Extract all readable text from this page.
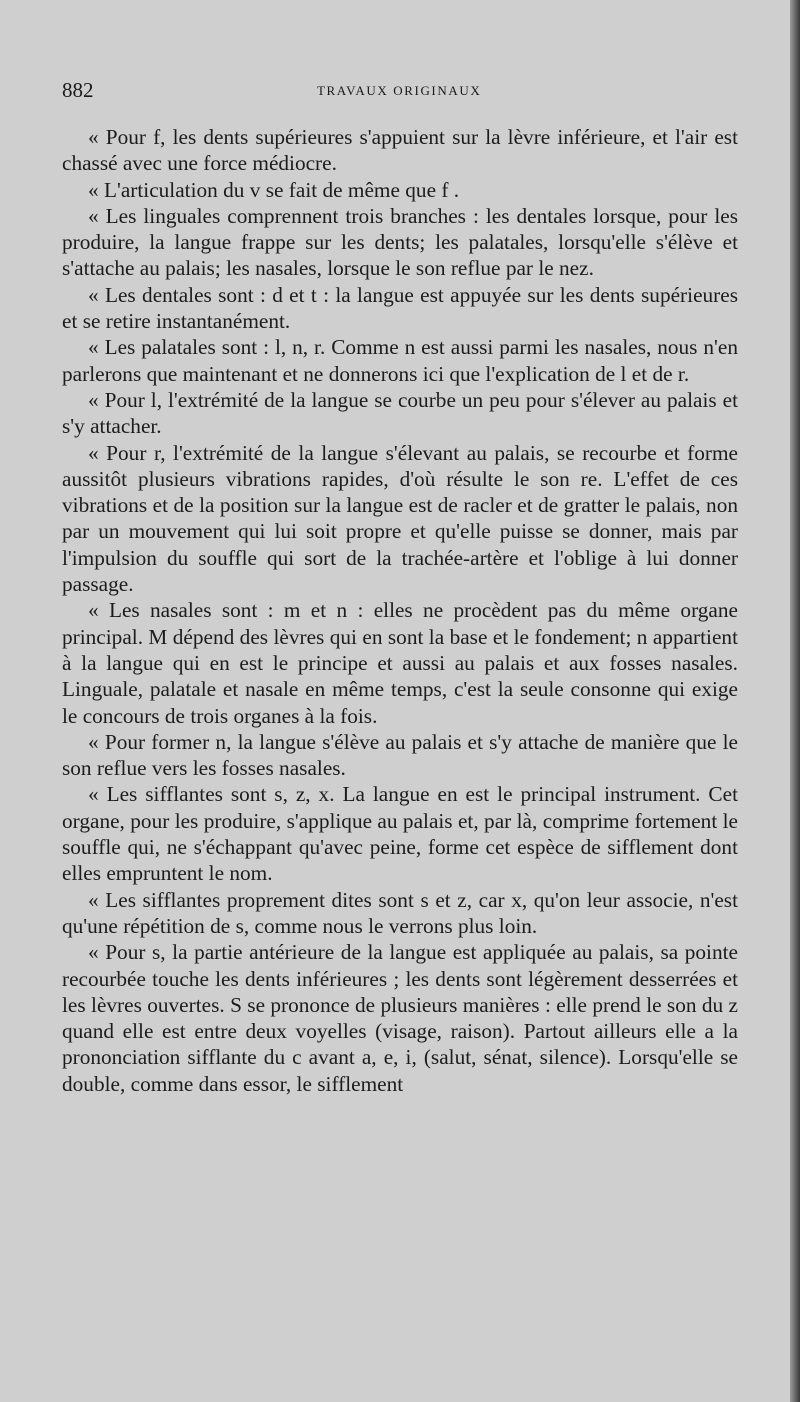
882	TRAVAUX ORIGINAUX

« Pour f, les dents supérieures s'appuient sur la lèvre inférieure, et l'air est chassé avec une force médiocre.

« L'articulation du v se fait de même que f .

« Les linguales comprennent trois branches : les dentales lorsque, pour les produire, la langue frappe sur les dents; les palatales, lorsqu'elle s'élève et s'attache au palais; les nasales, lorsque le son reflue par le nez.

« Les dentales sont : d et t : la langue est appuyée sur les dents supérieures et se retire instantanément.

« Les palatales sont : l, n, r. Comme n est aussi parmi les nasales, nous n'en parlerons que maintenant et ne donnerons ici que l'explication de l et de r.

« Pour l, l'extrémité de la langue se courbe un peu pour s'élever au palais et s'y attacher.

« Pour r, l'extrémité de la langue s'élevant au palais, se recourbe et forme aussitôt plusieurs vibrations rapides, d'où résulte le son re. L'effet de ces vibrations et de la position sur la langue est de racler et de gratter le palais, non par un mouvement qui lui soit propre et qu'elle puisse se donner, mais par l'impulsion du souffle qui sort de la trachée-artère et l'oblige à lui donner passage.

« Les nasales sont : m et n : elles ne procèdent pas du même organe principal. M dépend des lèvres qui en sont la base et le fondement; n appartient à la langue qui en est le principe et aussi au palais et aux fosses nasales. Linguale, palatale et nasale en même temps, c'est la seule consonne qui exige le concours de trois organes à la fois.

« Pour former n, la langue s'élève au palais et s'y attache de manière que le son reflue vers les fosses nasales.

« Les sifflantes sont s, z, x. La langue en est le principal instrument. Cet organe, pour les produire, s'applique au palais et, par là, comprime fortement le souffle qui, ne s'échappant qu'avec peine, forme cet espèce de sifflement dont elles empruntent le nom.

« Les sifflantes proprement dites sont s et z, car x, qu'on leur associe, n'est qu'une répétition de s, comme nous le verrons plus loin.

« Pour s, la partie antérieure de la langue est appliquée au palais, sa pointe recourbée touche les dents inférieures ; les dents sont légèrement desserrées et les lèvres ouvertes. S se prononce de plusieurs manières : elle prend le son du z quand elle est entre deux voyelles (visage, raison). Partout ailleurs elle a la prononciation sifflante du c avant a, e, i, (salut, sénat, silence). Lorsqu'elle se double, comme dans essor, le sifflement
